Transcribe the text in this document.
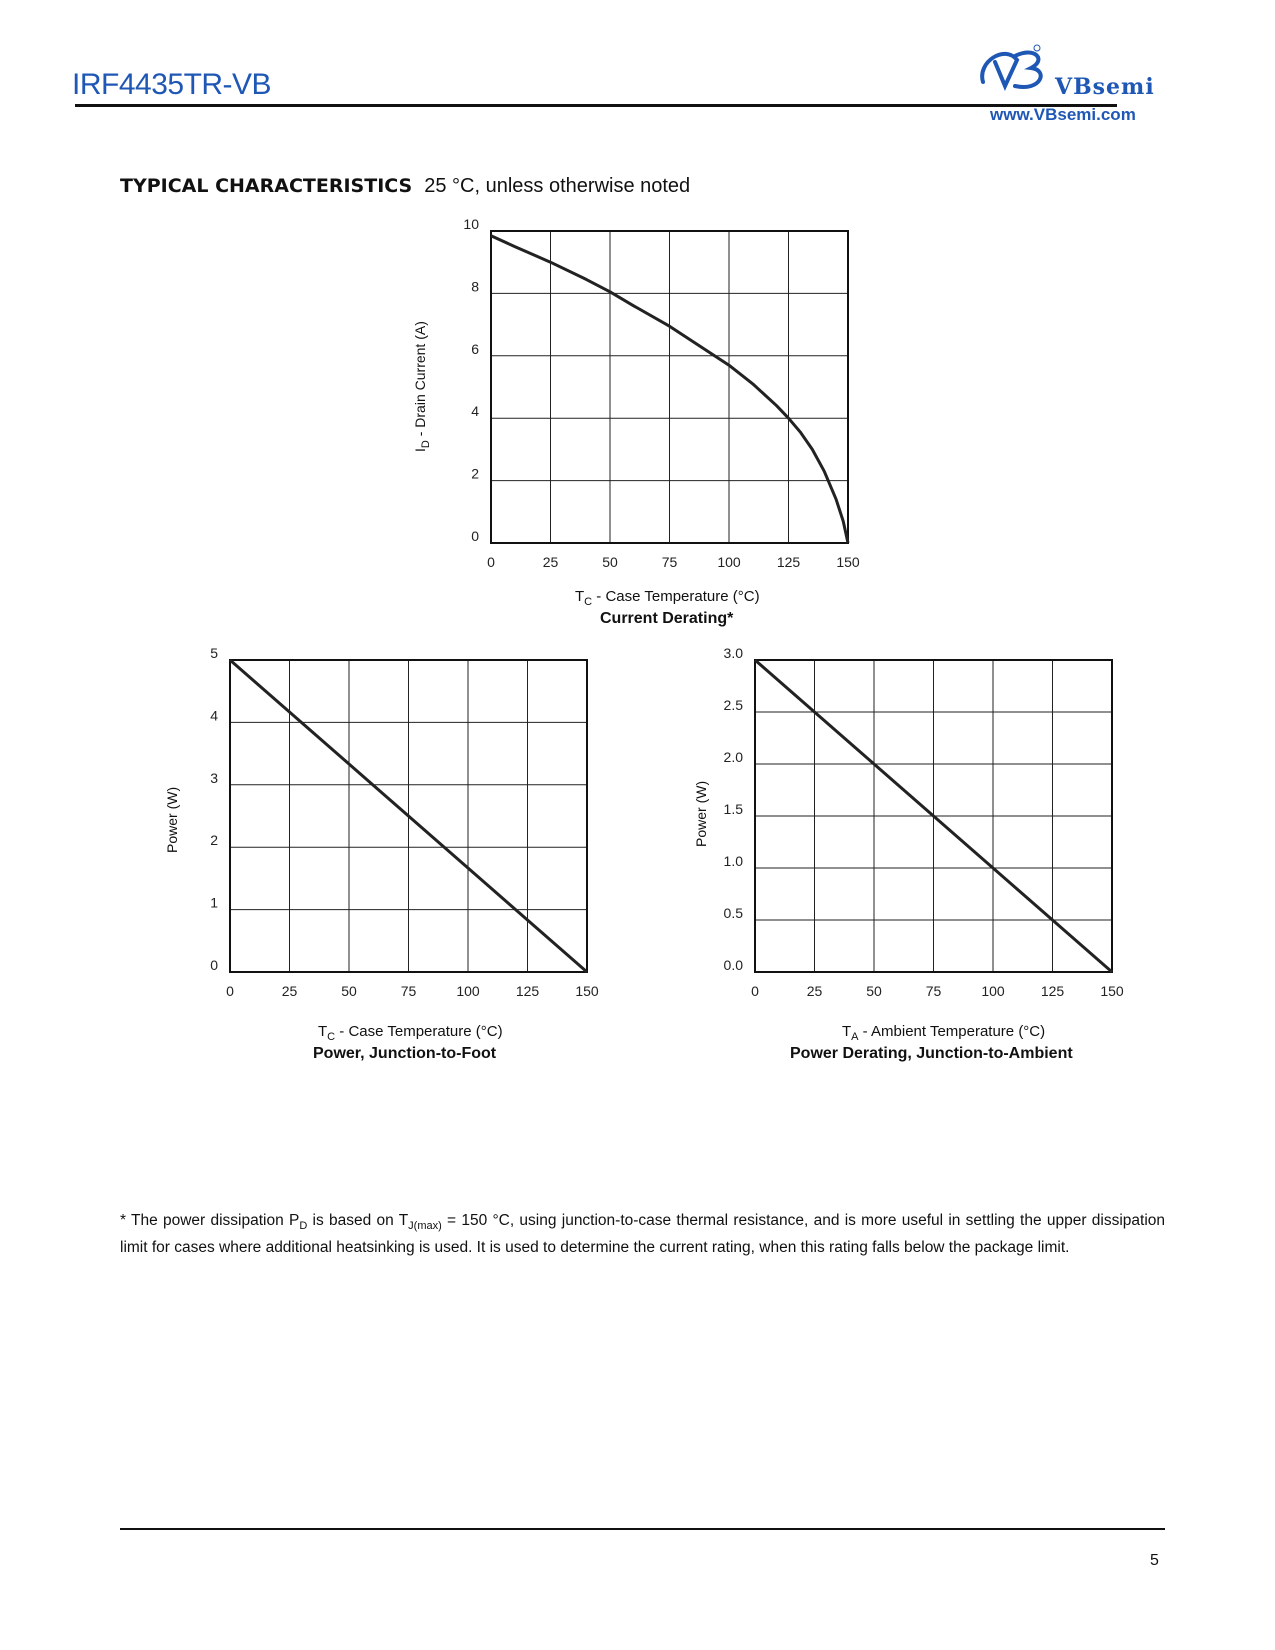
IRF4435TR-VB	VBsemi
www.VBsemi.com
TYPICAL CHARACTERISTICS 25 °C, unless otherwise noted
0	25	50	75	100	125	150
0
2
4
6
8
10
$I_D$ - Drain Current (A)
$T_C$ - Case Temperature (°C)
Current Derating*
0	25	50	75	100	125	150
0
1
2
3
4
5
Power (W)
$T_C$ - Case Temperature (°C)
Power, Junction-to-Foot
0	25	50	75	100	125	150
0.0
0.5
1.0
1.5
2.0
2.5
3.0
Power (W)
$T_A$ - Ambient Temperature (°C)
Power Derating, Junction-to-Ambient
* The power dissipation $P_D$ is based on $T_{J(max)} = 150$ °C, using junction-to-case thermal resistance, and is more useful in settling the upper dissipation limit for cases where additional heatsinking is used. It is used to determine the current rating, when this rating falls below the package limit.
5
